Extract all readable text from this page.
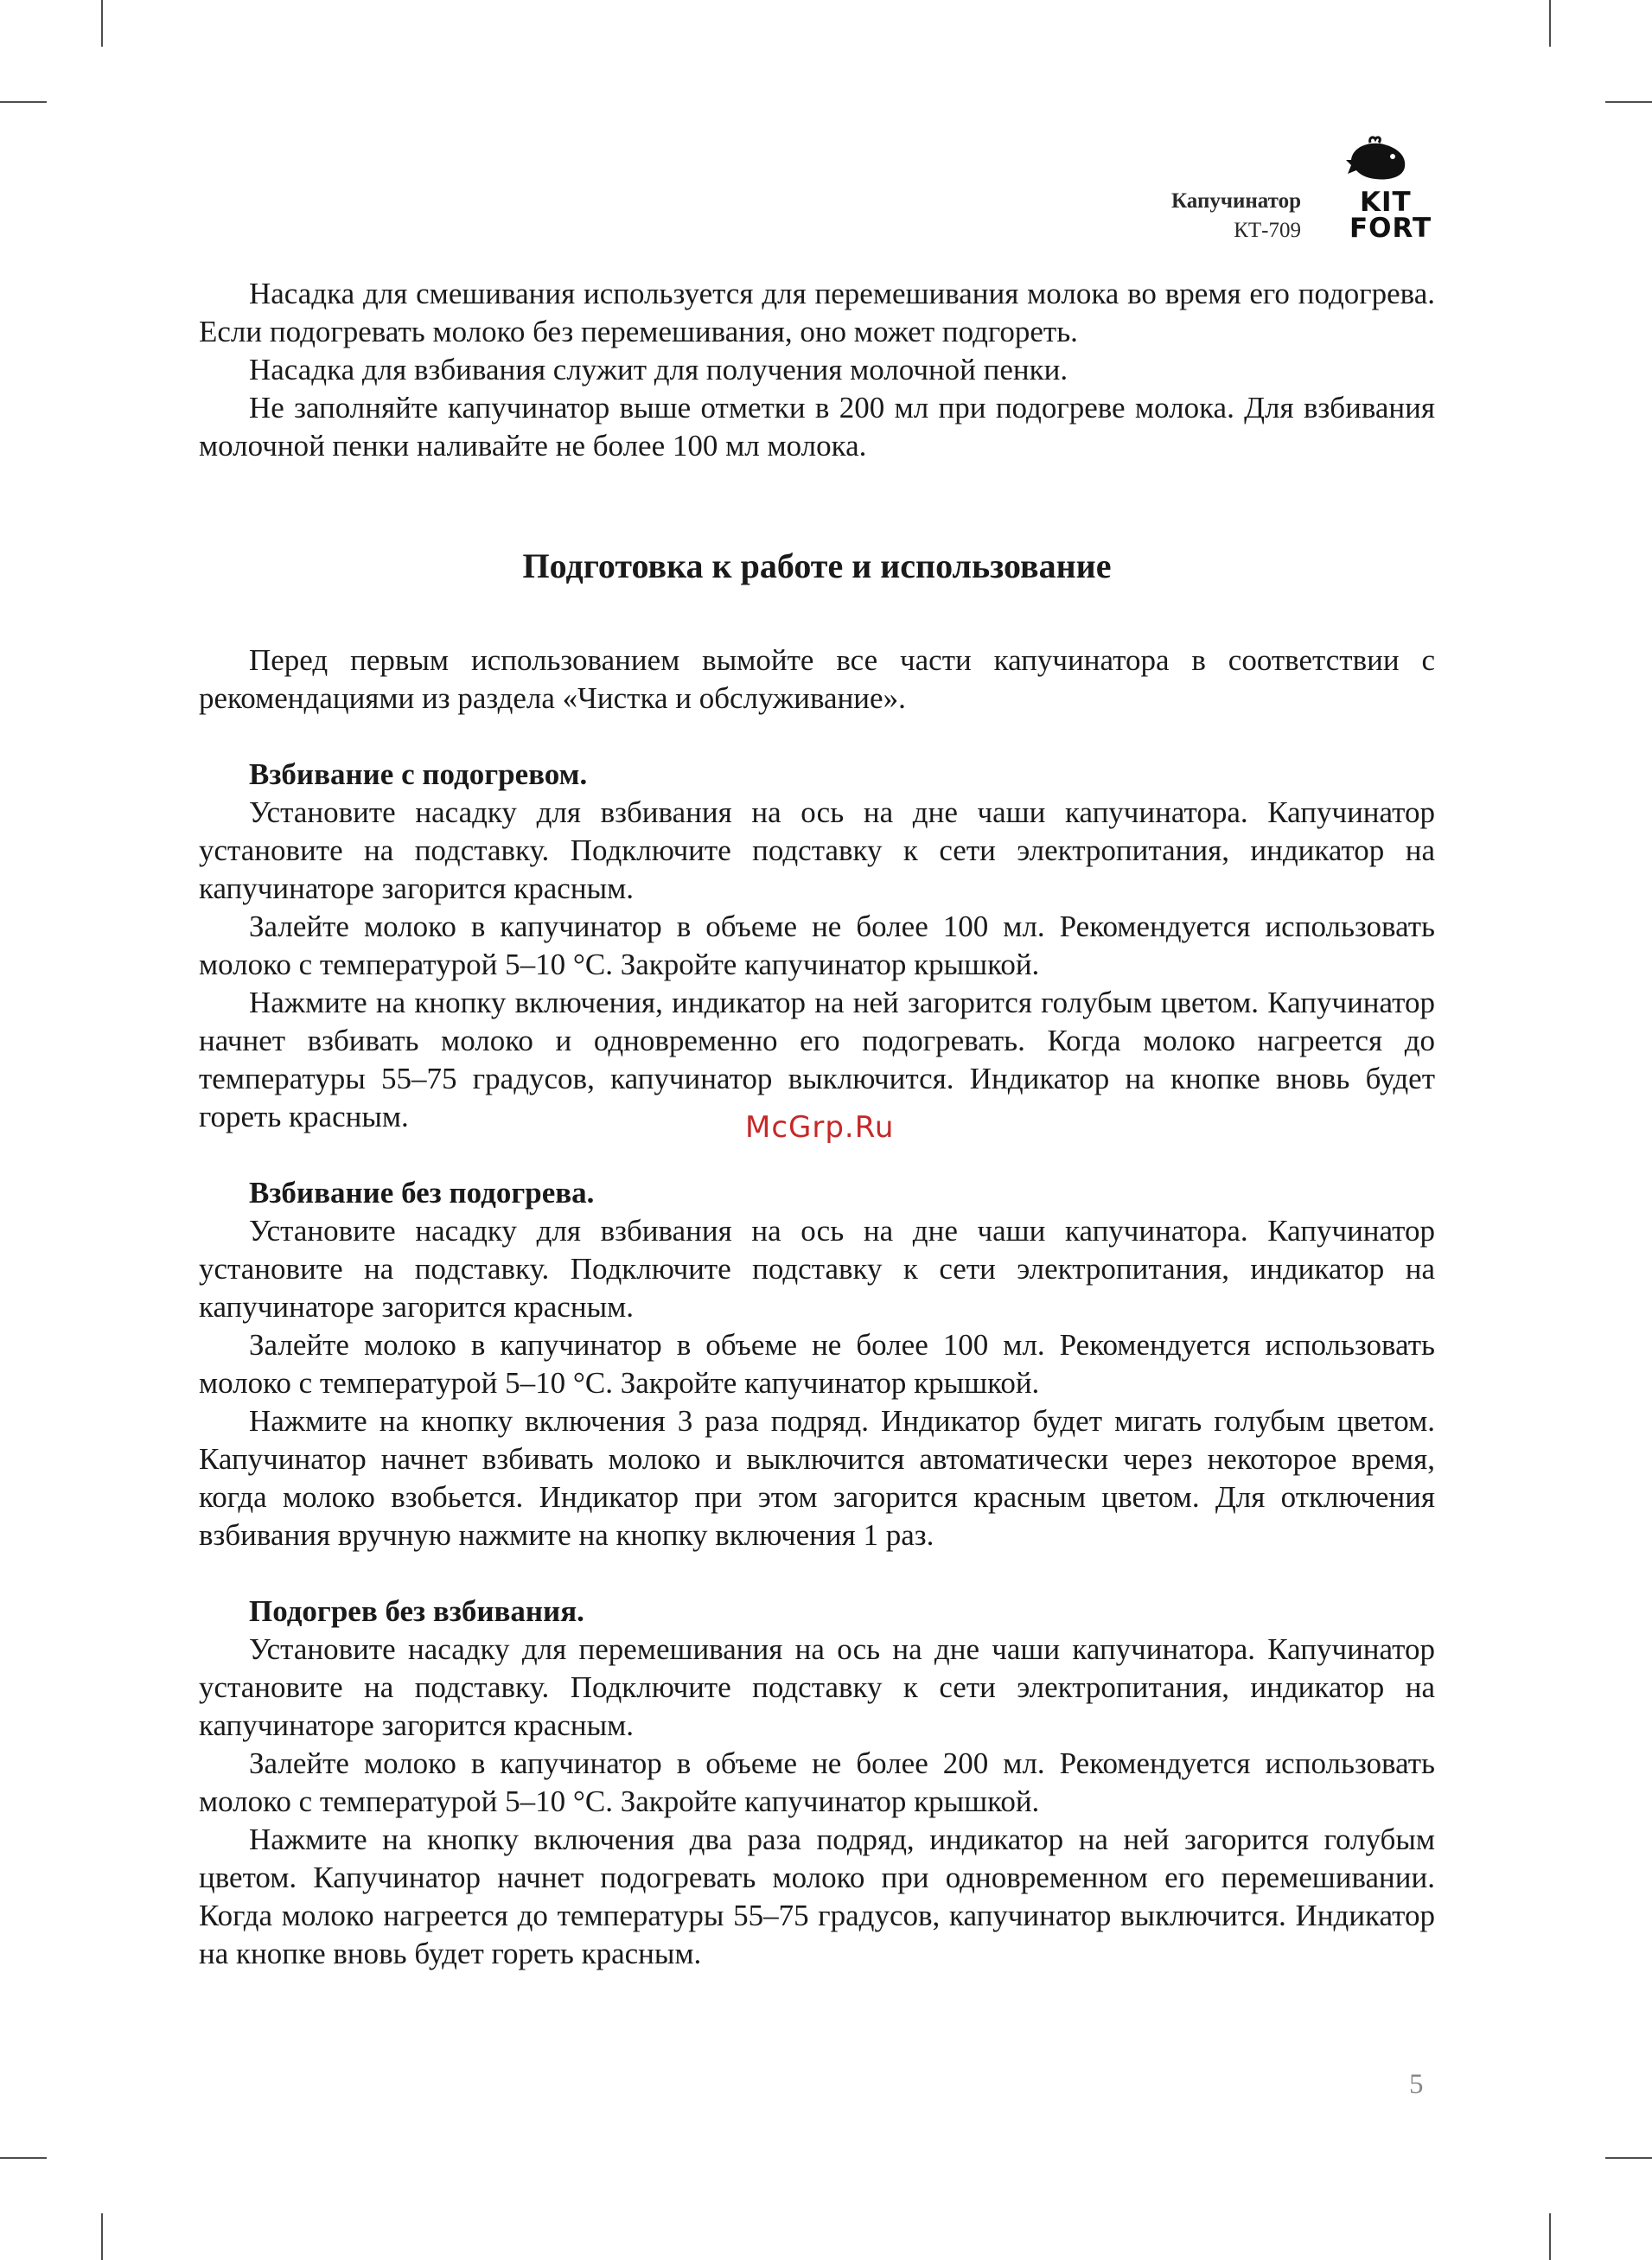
Капучинатор
КТ-709
KIT
FORT

Насадка для смешивания используется для перемешивания молока во время его подогрева. Если подогревать молоко без перемешивания, оно может подгореть.

Насадка для взбивания служит для получения молочной пенки.

Не заполняйте капучинатор выше отметки в 200 мл при подогреве молока. Для взбивания молочной пенки наливайте не более 100 мл молока.

Подготовка к работе и использование

Перед первым использованием вымойте все части капучинатора в соответствии с рекомендациями из раздела «Чистка и обслуживание».

Взбивание с подогревом.

Установите насадку для взбивания на ось на дне чаши капучинатора. Капучинатор установите на подставку. Подключите подставку к сети электропитания, индикатор на капучинаторе загорится красным.

Залейте молоко в капучинатор в объеме не более 100 мл. Рекомендуется использовать молоко с температурой 5–10 °С. Закройте капучинатор крышкой.

Нажмите на кнопку включения, индикатор на ней загорится голубым цветом. Капучинатор начнет взбивать молоко и одновременно его подогревать. Когда молоко нагреется до температуры 55–75 градусов, капучинатор выключится. Индикатор на кнопке вновь будет гореть красным.

Взбивание без подогрева.

Установите насадку для взбивания на ось на дне чаши капучинатора. Капучинатор установите на подставку. Подключите подставку к сети электропитания, индикатор на капучинаторе загорится красным.

Залейте молоко в капучинатор в объеме не более 100 мл. Рекомендуется использовать молоко с температурой 5–10 °С. Закройте капучинатор крышкой.

Нажмите на кнопку включения 3 раза подряд. Индикатор будет мигать голубым цветом. Капучинатор начнет взбивать молоко и выключится автоматически через некоторое время, когда молоко взобьется. Индикатор при этом загорится красным цветом. Для отключения взбивания вручную нажмите на кнопку включения 1 раз.

Подогрев без взбивания.

Установите насадку для перемешивания на ось на дне чаши капучинатора. Капучинатор установите на подставку. Подключите подставку к сети электропитания, индикатор на капучинаторе загорится красным.

Залейте молоко в капучинатор в объеме не более 200 мл. Рекомендуется использовать молоко с температурой 5–10 °С. Закройте капучинатор крышкой.

Нажмите на кнопку включения два раза подряд, индикатор на ней загорится голубым цветом. Капучинатор начнет подогревать молоко при одновременном его перемешивании. Когда молоко нагреется до температуры 55–75 градусов, капучинатор выключится. Индикатор на кнопке вновь будет гореть красным.

McGrp.Ru
5
